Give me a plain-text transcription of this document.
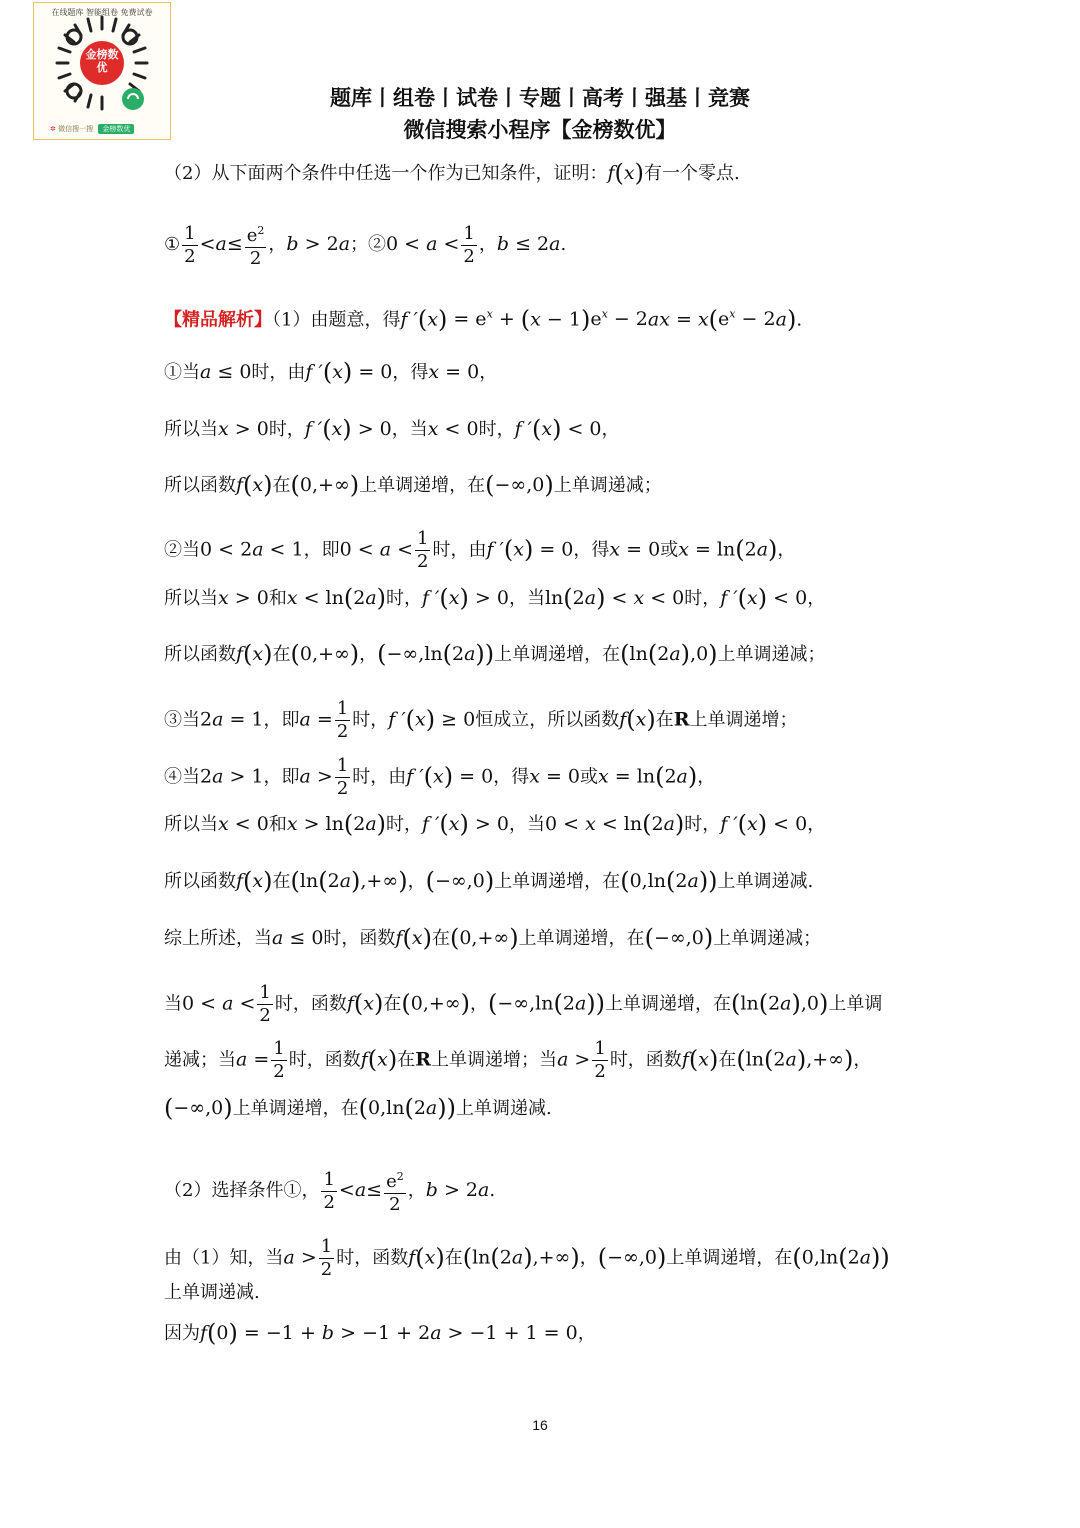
金榜数优
在线题库 智能组卷 免费试卷
✲ 微信搜一搜 金榜数优
题库丨组卷丨试卷丨专题丨高考丨强基丨竞赛
微信搜索小程序【金榜数优】
（2）从下面两个条件中任选一个作为已知条件，证明：f(x)有一个零点.
① $\frac{1}{2} <a\le \frac{e^2}{2}$ ，b > 2a；②0 < $a < \frac{1}{2}$ ，b ≤ 2a.
【精品解析】（1）由题意，得f $'(x) = e^x + (x - 1)e^x - 2ax = x(e^x - 2a)$.
①当a ≤ 0时，由f ′(x) = 0，得x = 0，
所以当x > 0时，f ′(x) > 0，当x < 0时，f ′(x) < 0，
所以函数f(x)在(0,+∞)上单调递增，在(−∞,0)上单调递减；
②当0 < 2a < 1，即$0 < a < \frac{1}{2}$ 时，由f ′(x) = 0，得x = 0或x = ln(2a)，
所以当x > 0和x < ln(2a)时，f ′(x) > 0，当ln(2a) < x < 0时，f ′(x) < 0，
所以函数f(x)在(0,+∞)，(−∞,ln(2a))上单调递增，在(ln(2a),0)上单调递减；
③当2a = 1，即$a = \frac{1}{2}$ 时，f ′(x) ≥ 0恒成立，所以函数f(x)在R上单调递增；
④当2a > 1，即$a > \frac{1}{2}$ 时，由f ′(x) = 0，得x = 0或x = ln(2a)，
所以当x < 0和x > ln(2a)时，f ′(x) > 0，当0 < x < ln(2a)时，f ′(x) < 0，
所以函数f(x)在(ln(2a),+∞)，(−∞,0)上单调递增，在(0,ln(2a))上单调递减.
综上所述，当a ≤ 0时，函数f(x)在(0,+∞)上单调递增，在(−∞,0)上单调递减；
当$0 < a < \frac{1}{2}$ 时，函数f(x)在(0,+∞)，(−∞,ln(2a))上单调递增，在(ln(2a),0)上单调
递减；当$a = \frac{1}{2}$ 时，函数f(x)在R上单调递增；当$a > \frac{1}{2}$ 时，函数f(x)在(ln(2a),+∞)，
(−∞,0)上单调递增，在(0,ln(2a))上单调递减.
（2）选择条件①， $\frac{1}{2} <a\le \frac{e^2}{2}$ ，b > 2a.
由（1）知，当$a > \frac{1}{2}$ 时，函数f(x)在(ln(2a),+∞)，(−∞,0)上单调递增，在(0,ln(2a))
上单调递减.
因为f(0) = −1 + b > −1 + 2a > −1 + 1 = 0，
16
